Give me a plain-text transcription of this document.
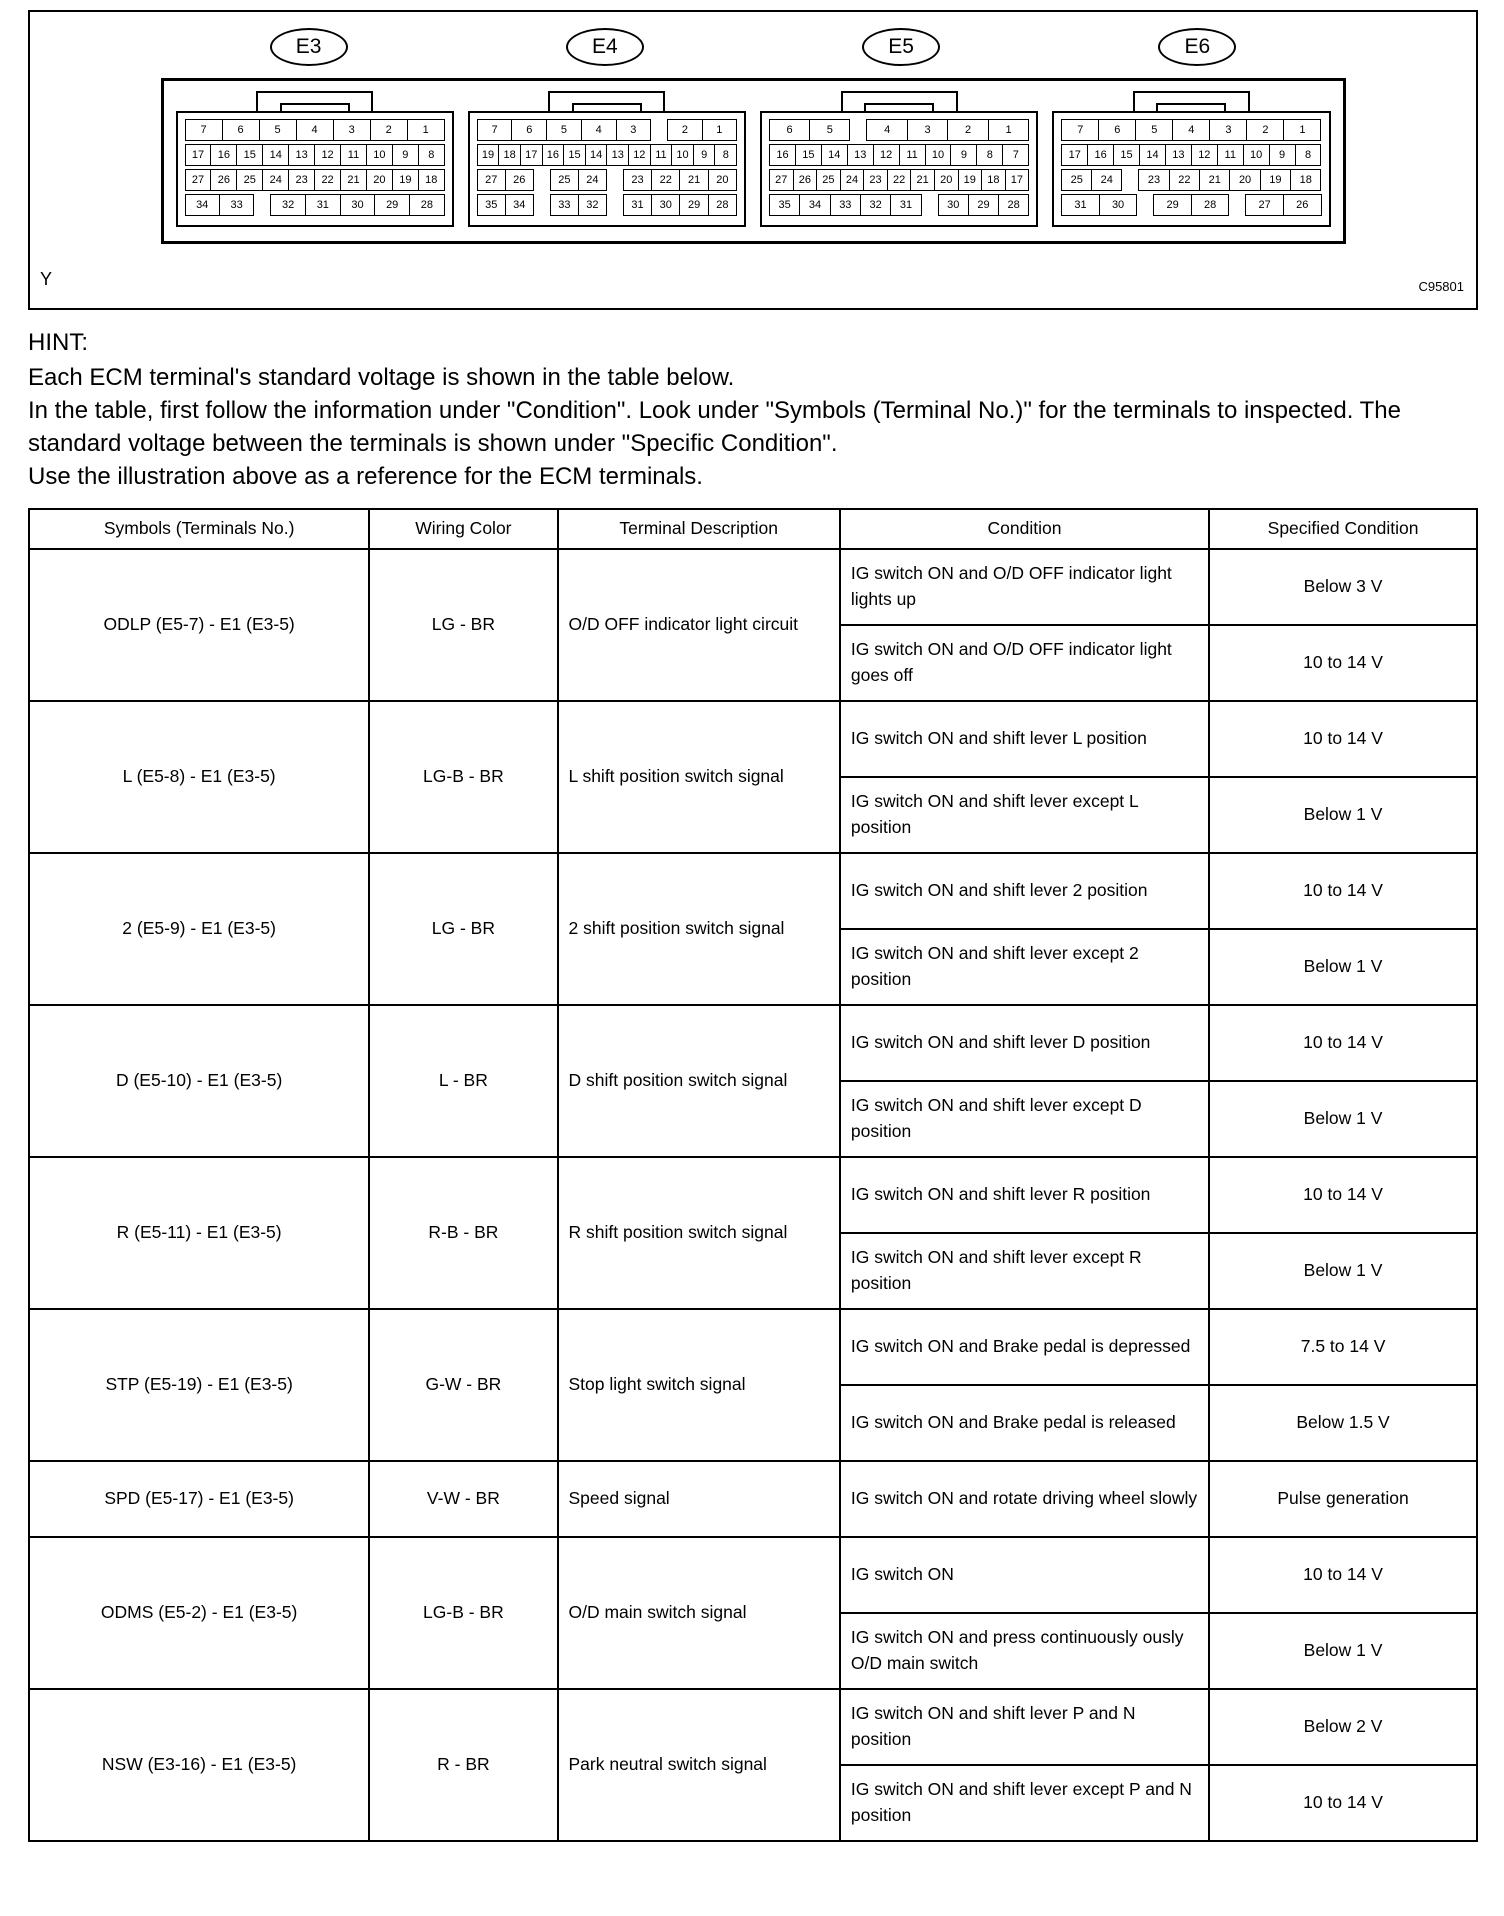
E3	E4	E5	E6
7	6	5	4	3	2	1
17	16	15	14	13	12	11	10	9	8
27	26	25	24	23	22	21	20	19	18
34	33	32	31	30	29	28
7	6	5	4	3	2	1
19 18 17 16 15 14 13 12 11 10	9	8
27	26	25	24	23	22	21	20
35	34	33	32	31	30	29	28
6	5	4	3	2	1
16	15	14	13	12	11	10	9	8	7
27	26	25	24	23	22	21	20	19	18	17
35	34	33	32	31	30	29	28
7	6	5	4	3	2	1
17	16	15	14	13	12	11	10	9	8
25	24	23	22	21	20	19	18
31	30	29	28	27	26
Y	C95801
HINT:
Each ECM terminal's standard voltage is shown in the table below.
In the table, first follow the information under "Condition". Look under "Symbols (Terminal No.)" for the terminals to inspected. The standard voltage between the terminals is shown under "Specific Condition".
Use the illustration above as a reference for the ECM terminals.
Symbols (Terminals No.)	Wiring Color	Terminal Description	Condition	Specified Condition
ODLP (E5-7) - E1 (E3-5)	LG - BR	O/D OFF indicator light circuit	IG switch ON and O/D OFF indicator light lights up	Below 3 V
			IG switch ON and O/D OFF indicator light goes off	10 to 14 V
L (E5-8) - E1 (E3-5)	LG-B - BR	L shift position switch signal	IG switch ON and shift lever L position	10 to 14 V
			IG switch ON and shift lever except L position	Below 1 V
2 (E5-9) - E1 (E3-5)	LG - BR	2 shift position switch signal	IG switch ON and shift lever 2 position	10 to 14 V
			IG switch ON and shift lever except 2 position	Below 1 V
D (E5-10) - E1 (E3-5)	L - BR	D shift position switch signal	IG switch ON and shift lever D position	10 to 14 V
			IG switch ON and shift lever except D position	Below 1 V
R (E5-11) - E1 (E3-5)	R-B - BR	R shift position switch signal	IG switch ON and shift lever R position	10 to 14 V
			IG switch ON and shift lever except R position	Below 1 V
STP (E5-19) - E1 (E3-5)	G-W - BR	Stop light switch signal	IG switch ON and Brake pedal is depressed	7.5 to 14 V
			IG switch ON and Brake pedal is released	Below 1.5 V
SPD (E5-17) - E1 (E3-5)	V-W - BR	Speed signal	IG switch ON and rotate driving wheel slowly	Pulse generation
ODMS (E5-2) - E1 (E3-5)	LG-B - BR	O/D main switch signal	IG switch ON	10 to 14 V
			IG switch ON and press continuously ously O/D main switch	Below 1 V
NSW (E3-16) - E1 (E3-5)	R - BR	Park neutral switch signal	IG switch ON and shift lever P and N position	Below 2 V
			IG switch ON and shift lever except P and N position	10 to 14 V
